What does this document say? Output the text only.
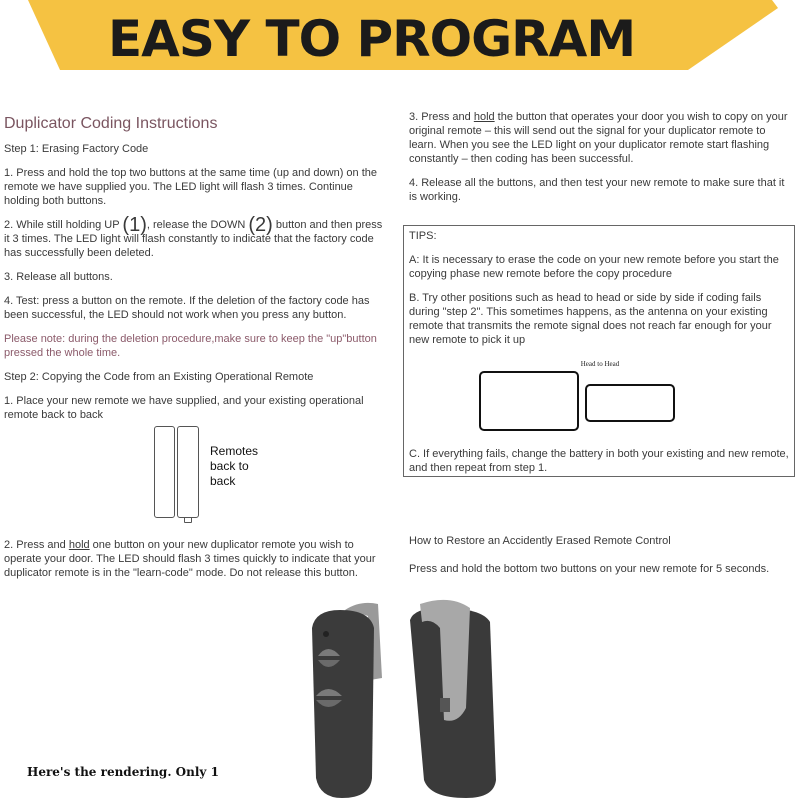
EASY TO PROGRAM

Duplicator Coding Instructions

Step 1: Erasing Factory Code

1. Press and hold the top two buttons at the same time (up and down) on the remote we have supplied you. The LED light will flash 3 times. Continue holding both buttons.

2. While still holding UP (1), release the DOWN (2) button and then press it 3 times. The LED light will flash constantly to indicate that the factory code has successfully been deleted.

3. Release all buttons.

4. Test: press a button on the remote. If the deletion of the factory code has been successful, the LED should not work when you press any button.

Please note: during the deletion procedure,make sure to keep the "up"button pressed the whole time.

Step 2: Copying the Code from an Existing Operational Remote

1. Place your new remote we have supplied, and your existing operational remote back to back

Remotes
back to
back

2. Press and hold one button on your new duplicator remote you wish to operate your door. The LED should flash 3 times quickly to indicate that your duplicator remote is in the "learn-code" mode. Do not release this button.

3. Press and hold the button that operates your door you wish to copy on your original remote – this will send out the signal for your duplicator remote to learn. When you see the LED light on your duplicator remote start flashing constantly – then coding has been successful.

4. Release all the buttons, and then test your new remote to make sure that it is working.

TIPS:

A: It is necessary to erase the code on your new remote before you start the copying phase new remote before the copy procedure

B. Try other positions such as head to head or side by side if coding fails during "step 2". This sometimes happens, as the antenna on your existing remote that transmits the remote signal does not reach far enough for your new remote to pick it up

Head to Head

C. If everything fails, change the battery in both your existing and new remote, and then repeat from step 1.

How to Restore an Accidently Erased Remote Control

Press and hold the bottom two buttons on your new remote for 5 seconds.

Here's the rendering. Only 1
